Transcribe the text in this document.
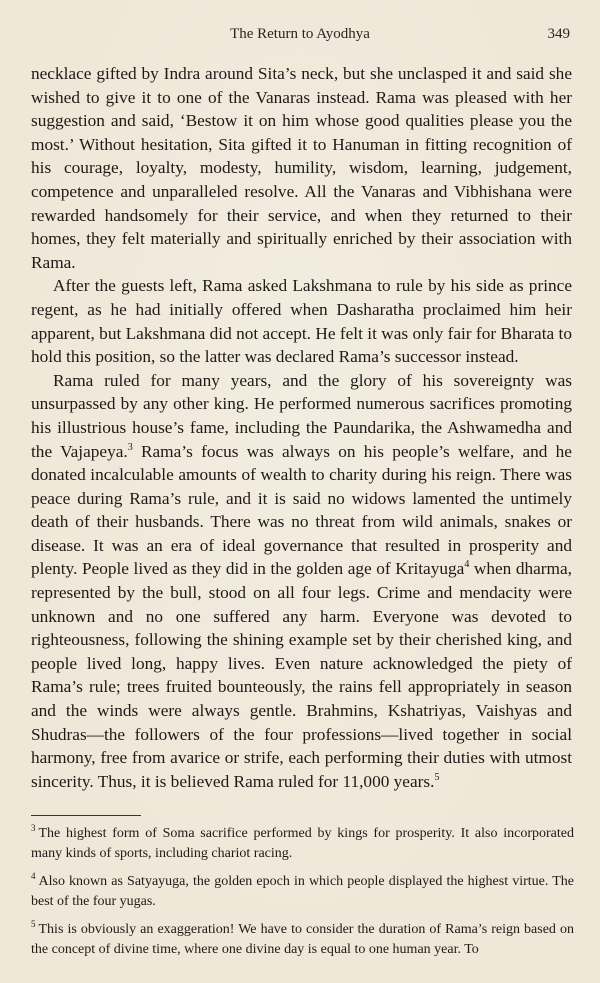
The Return to Ayodhya	349

necklace gifted by Indra around Sita’s neck, but she unclasped it and said she wished to give it to one of the Vanaras instead. Rama was pleased with her suggestion and said, ‘Bestow it on him whose good qualities please you the most.’ Without hesitation, Sita gifted it to Hanuman in fitting recognition of his courage, loyalty, modesty, humility, wisdom, learning, judgement, competence and unparalleled resolve. All the Vanaras and Vibhishana were rewarded handsomely for their service, and when they returned to their homes, they felt materially and spiritually enriched by their association with Rama.

After the guests left, Rama asked Lakshmana to rule by his side as prince regent, as he had initially offered when Dasharatha proclaimed him heir apparent, but Lakshmana did not accept. He felt it was only fair for Bharata to hold this position, so the latter was declared Rama’s successor instead.

Rama ruled for many years, and the glory of his sovereignty was unsurpassed by any other king. He performed numerous sacrifices promoting his illustrious house’s fame, including the Paundarika, the Ashwamedha and the Vajapeya.$^3$ Rama’s focus was always on his people’s welfare, and he donated incalculable amounts of wealth to charity during his reign. There was peace during Rama’s rule, and it is said no widows lamented the untimely death of their husbands. There was no threat from wild animals, snakes or disease. It was an era of ideal governance that resulted in prosperity and plenty. People lived as they did in the golden age of Kritayuga$^4$ when dharma, represented by the bull, stood on all four legs. Crime and mendacity were unknown and no one suffered any harm. Everyone was devoted to righteousness, following the shining example set by their cherished king, and people lived long, happy lives. Even nature acknowledged the piety of Rama’s rule; trees fruited bounteously, the rains fell appropriately in season and the winds were always gentle. Brahmins, Kshatriyas, Vaishyas and Shudras—the followers of the four professions—lived together in social harmony, free from avarice or strife, each performing their duties with utmost sincerity. Thus, it is believed Rama ruled for 11,000 years.$^5$

$^3$ The highest form of Soma sacrifice performed by kings for prosperity. It also incorporated many kinds of sports, including chariot racing.

$^4$ Also known as Satyayuga, the golden epoch in which people displayed the highest virtue. The best of the four yugas.

$^5$ This is obviously an exaggeration! We have to consider the duration of Rama’s reign based on the concept of divine time, where one divine day is equal to one human year. To
